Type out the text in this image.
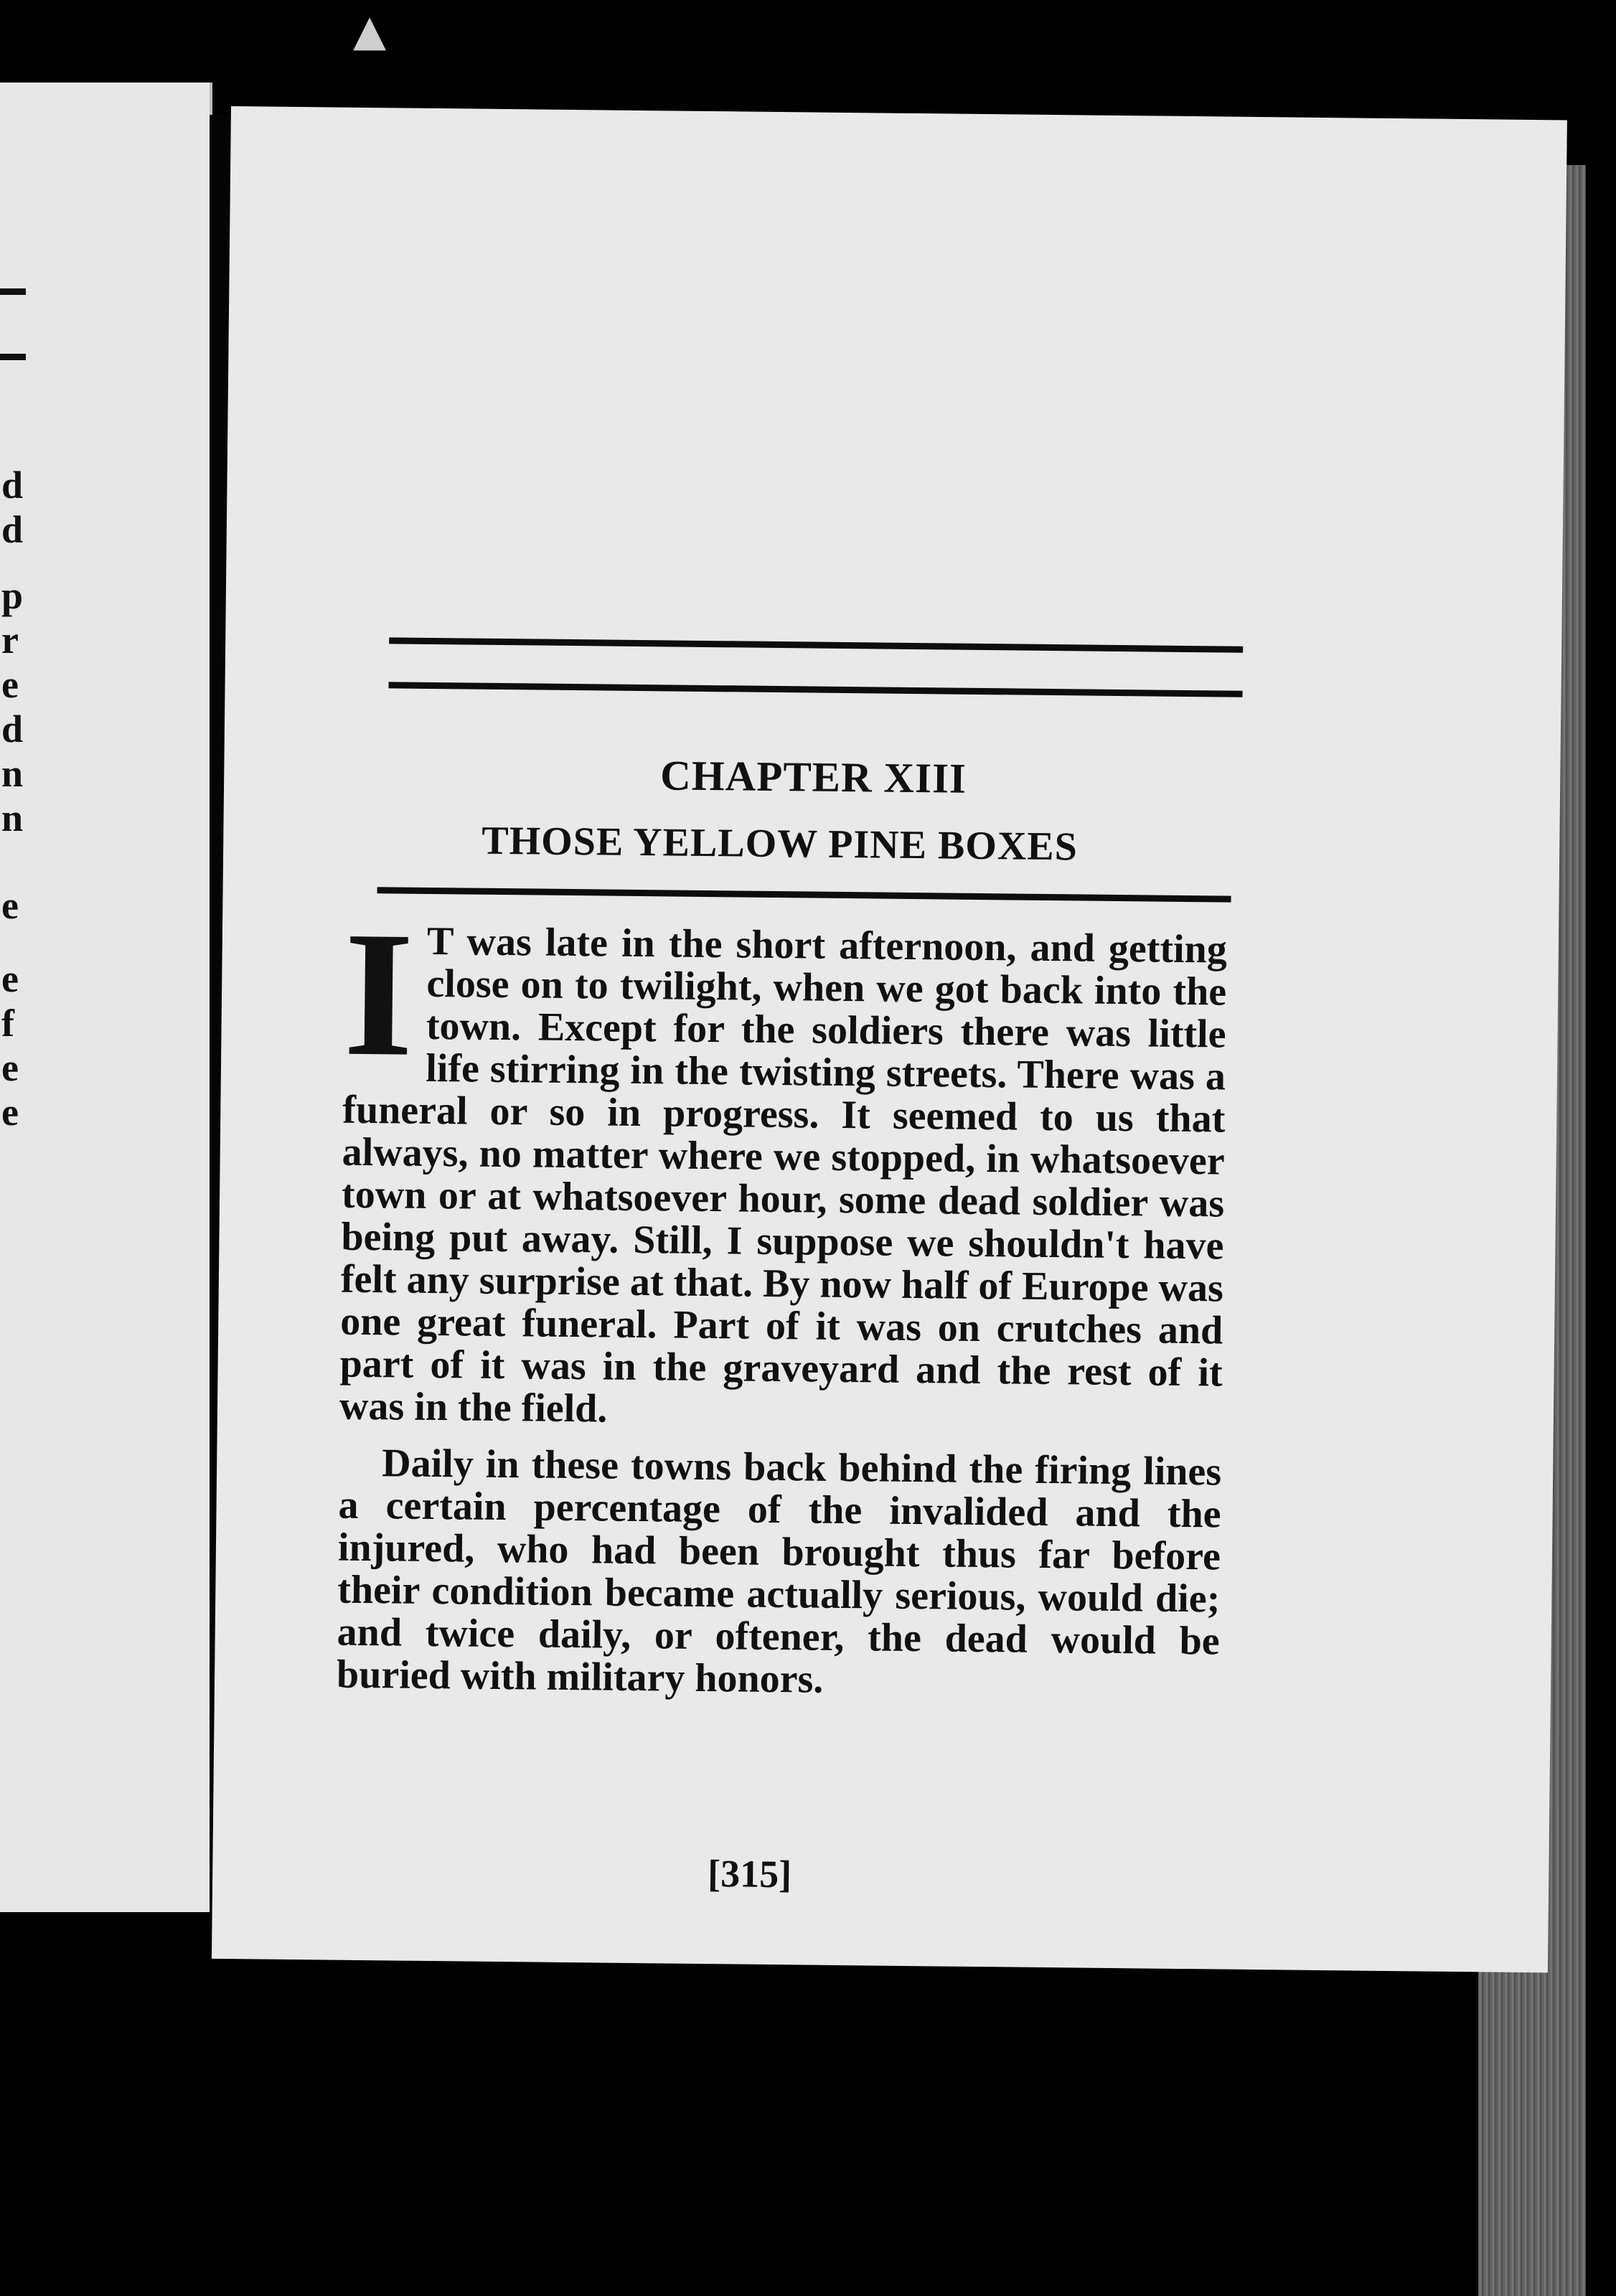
▲
d
d
p
r
e
d
n
n
e
e
f
e
e
CHAPTER XIII
THOSE YELLOW PINE BOXES

I T was late in the short afternoon, and getting close on to twilight, when we got back into the town. Except for the soldiers there was little life stirring in the twisting streets. There was a funeral or so in progress. It seemed to us that always, no matter where we stopped, in whatsoever town or at whatsoever hour, some dead soldier was being put away. Still, I suppose we shouldn't have felt any surprise at that. By now half of Europe was one great funeral. Part of it was on crutches and part of it was in the graveyard and the rest of it was in the field.

Daily in these towns back behind the firing lines a certain percentage of the invalided and the injured, who had been brought thus far before their condition became actually serious, would die; and twice daily, or oftener, the dead would be buried with military honors.

[315]
